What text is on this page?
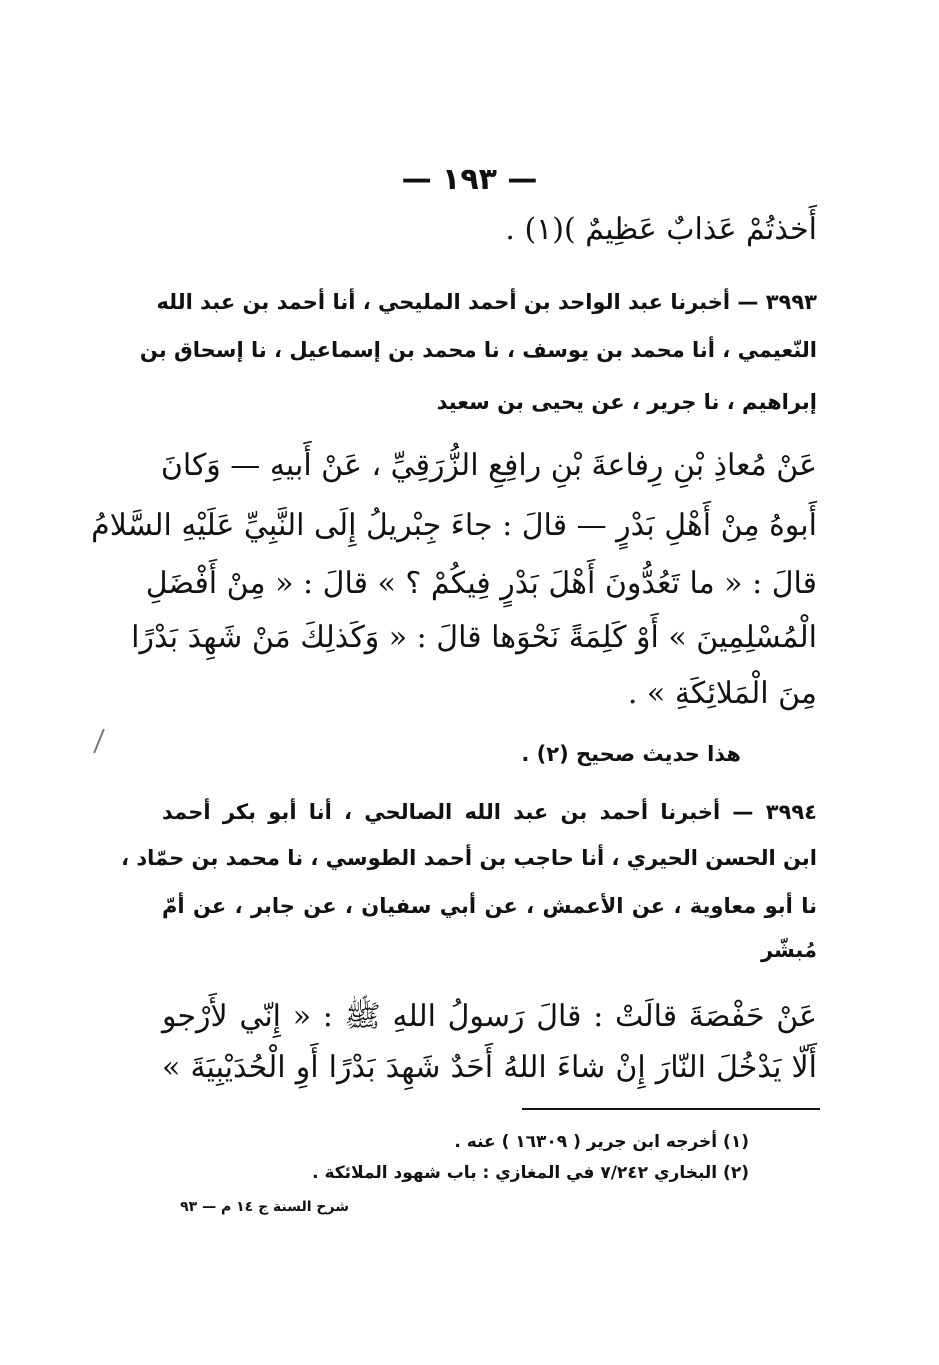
— ١٩٣ —
أَخذتُمْ عَذابٌ عَظِيمٌ )(١) .
٣٩٩٣ — أخبرنا عبد الواحد بن أحمد المليحي ، أنا أحمد بن عبد الله
النّعيمي ، أنا محمد بن يوسف ، نا محمد بن إسماعيل ، نا إسحاق بن
إبراهيم ، نا جرير ، عن يحيى بن سعيد
عَنْ مُعاذِ بْنِ رِفاعةَ بْنِ رافِعِ الزُّرَقِيِّ ، عَنْ أَبيهِ — وَكانَ
أَبوهُ مِنْ أَهْلِ بَدْرٍ — قالَ : جاءَ جِبْريلُ إِلَى النَّبِيِّ عَلَيْهِ السَّلامُ
قالَ : « ما تَعُدُّونَ أَهْلَ بَدْرٍ فِيكُمْ ؟ » قالَ : « مِنْ أَفْضَلِ
الْمُسْلِمِينَ » أَوْ كَلِمَةً نَحْوَها قالَ : « وَكَذلِكَ مَنْ شَهِدَ بَدْرًا
مِنَ الْمَلائِكَةِ » .
هذا حديث صحيح (٢) .
٣٩٩٤ — أخبرنا أحمد بن عبد الله الصالحي ، أنا أبو بكر أحمد
ابن الحسن الحيري ، أنا حاجب بن أحمد الطوسي ، نا محمد بن حمّاد ،
نا أبو معاوية ، عن الأعمش ، عن أبي سفيان ، عن جابر ، عن أمّ
مُبشّر
عَنْ حَفْصَةَ قالَتْ : قالَ رَسولُ اللهِ ﷺ : « إِنّي لأَرْجو
أَلّا يَدْخُلَ النّارَ إِنْ شاءَ اللهُ أَحَدٌ شَهِدَ بَدْرًا أَوِ الْحُدَيْبِيَةَ »
(١) أخرجه ابن جرير ( ١٦٣٠٩ ) عنه .
(٢) البخاري ٧/٢٤٢ في المغازي : باب شهود الملائكة .
شرح السنة ج ١٤ م — ٩٣
